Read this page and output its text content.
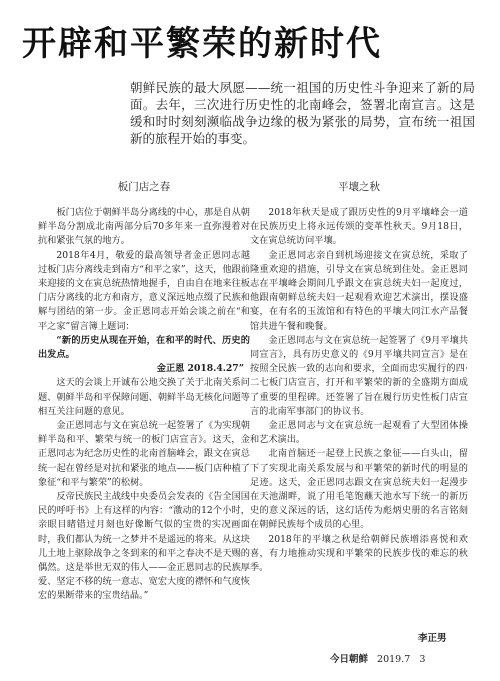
开辟和平繁荣的新时代

朝鲜民族的最大夙愿——统一祖国的历史性斗争迎来了新的局面。去年，三次进行历史性的北南峰会，签署北南宣言。这是缓和时时刻刻濒临战争边缘的极为紧张的局势，宣布统一祖国新的旅程开始的事变。

板门店之春

板门店位于朝鲜半岛分离线的中心，那是自从朝鲜半岛分割成北南两部分后70多年来一直弥漫着对抗和紧张气氛的地方。

2018年4月，敬爱的最高领导者金正恩同志越过板门店分离线走到南方“和平之家”，这天，他跟前来迎接的文在寅总统热情地握手，自由自在地来往板门店分离线的北方和南方，意义深远地点缀了民族和解与团结的第一步。金正恩同志开始会谈之前在“和平之家”留言簿上题词：

“新的历史从现在开始，在和平的时代、历史的出发点。
金正恩 2018.4.27”

这天的会谈上开诚布公地交换了关于北南关系问题、朝鲜半岛和平保障问题、朝鲜半岛无核化问题等相互关注问题的意见。

金正恩同志与文在寅总统一起签署了《为实现朝鲜半岛和平、繁荣与统一的板门店宣言》。这天，金正恩同志为纪念历史性的北南首脑峰会，跟文在寅总统一起在曾经是对抗和紧张的地点——板门店种植了象征“和平与繁荣”的松树。

反帝民族民主战线中央委员会发表的《告全国国民的呼吁书》上有这样的内容：“激动的12个小时，亲眼目睹错过月刻也好像断气似的宝贵的实况画面时，我们都认为统一之梦并不是遥远的将来。从这块儿土地上驱除战争之冬到来的和平之春决不是天赐的偶然。这是举世无双的伟人——金正恩同志的民族厚爱、坚定不移的统一意志、宽宏大度的襟怀和气度恢宏的果断带来的宝贵结晶。”

平壤之秋

2018年秋天是成了跟历史性的9月平壤峰会一道在民族历史上将永远传颂的变革性秋天。9月18日，文在寅总统访问平壤。

金正恩同志亲自到机场迎接文在寅总统，采取了隆重欢迎的措施，引导文在寅总统到住处。金正恩同志在平壤峰会期间几乎跟文在寅总统夫妇一起度过，他跟南朝鲜总统夫妇一起观看欢迎艺术演出，摆设盛宴，在有名的玉流馆和有特色的平壤大同江水产品餐馆共进午餐和晚餐。

金正恩同志与文在寅总统一起签署了《9月平壤共同宣言》，具有历史意义的《9月平壤共同宣言》是在按照全民族一致的志向和要求，全面而忠实履行的四·二七板门店宣言，打开和平繁荣的新的全盛期方面成了重要的里程碑。还签署了旨在履行历史性板门店宣言的北南军事部门的协议书。

金正恩同志与文在寅总统一起观看了大型团体操和艺术演出。

北南首脑还一起登上民族之象征——白头山，留下了实现北南关系发展与和平繁荣的新时代的明显的足迹。这天，金正恩同志跟文在寅总统夫妇一起漫步在天池湖畔，说了用毛笔饱蘸天池水写下统一的新历史的意义深远的话，这幻话传为彪炳史册的名言铭刻在朝鲜民族每个成员的心里。

2018年的平壤之秋是给朝鲜民族增添喜悦和欢喜，有力地推动实现和平繁荣的民族步伐的难忘的秋季。

李正男

今日朝鲜 2019.7 3
